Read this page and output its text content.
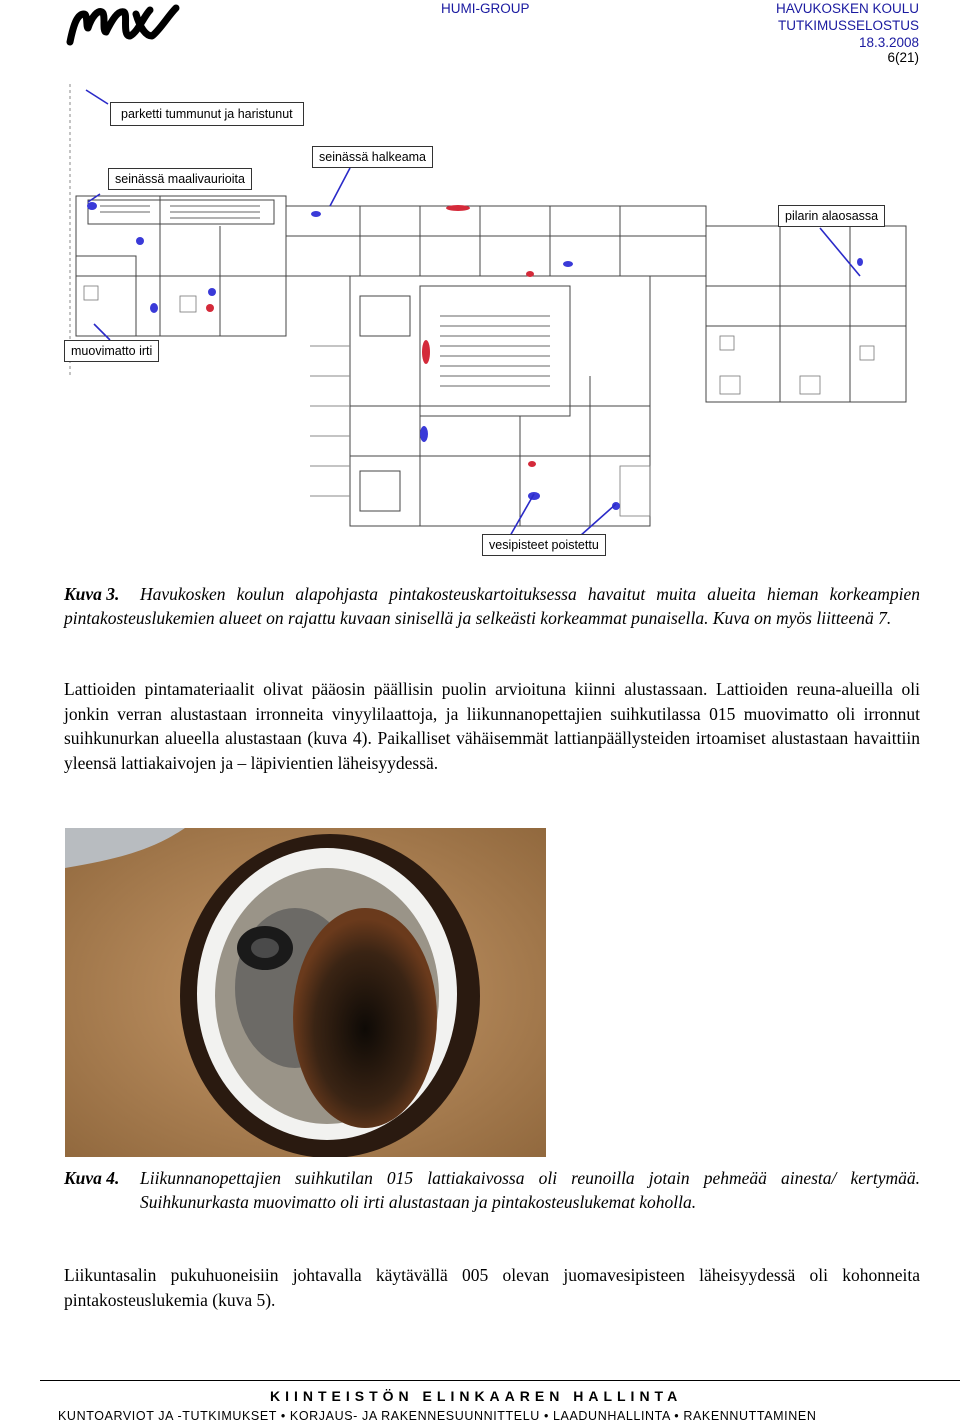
HUMI-GROUP	HAVUKOSKEN KOULU
TUTKIMUSSELOSTUS
18.3.2008
6(21)
parketti tummunut ja haristunut
seinässä halkeama
seinässä maalivaurioita
pilarin alaosassa
muovimatto irti
vesipisteet poistettu
Kuva 3. Havukosken koulun alapohjasta pintakosteuskartoituksessa havaitut muita alueita hieman korkeampien pintakosteuslukemien alueet on rajattu kuvaan sinisellä ja selkeästi korkeammat punaisella. Kuva on myös liitteenä 7.
Lattioiden pintamateriaalit olivat pääosin päällisin puolin arvioituna kiinni alustassaan. Lattioiden reuna-alueilla oli jonkin verran alustastaan irronneita vinyylilaattoja, ja liikunnanopettajien suihkutilassa 015 muovimatto oli irronnut suihkunurkan alueella alustastaan (kuva 4). Paikalliset vähäisemmät lattianpäällysteiden irtoamiset alustastaan havaittiin yleensä lattiakaivojen ja – läpivientien läheisyydessä.
Kuva 4.	Liikunnanopettajien suihkutilan 015 lattiakaivossa oli reunoilla jotain pehmeää ainesta/ kertymää. Suihkunurkasta muovimatto oli irti alustastaan ja pintakosteuslukemat koholla.
Liikuntasalin pukuhuoneisiin johtavalla käytävällä 005 olevan juomavesipisteen läheisyydessä oli kohonneita pintakosteuslukemia (kuva 5).
KIINTEISTÖN ELINKAAREN HALLINTA
KUNTOARVIOT JA -TUTKIMUKSET • KORJAUS- JA RAKENNESUUNNITTELU • LAADUNHALLINTA • RAKENNUTTAMINEN
